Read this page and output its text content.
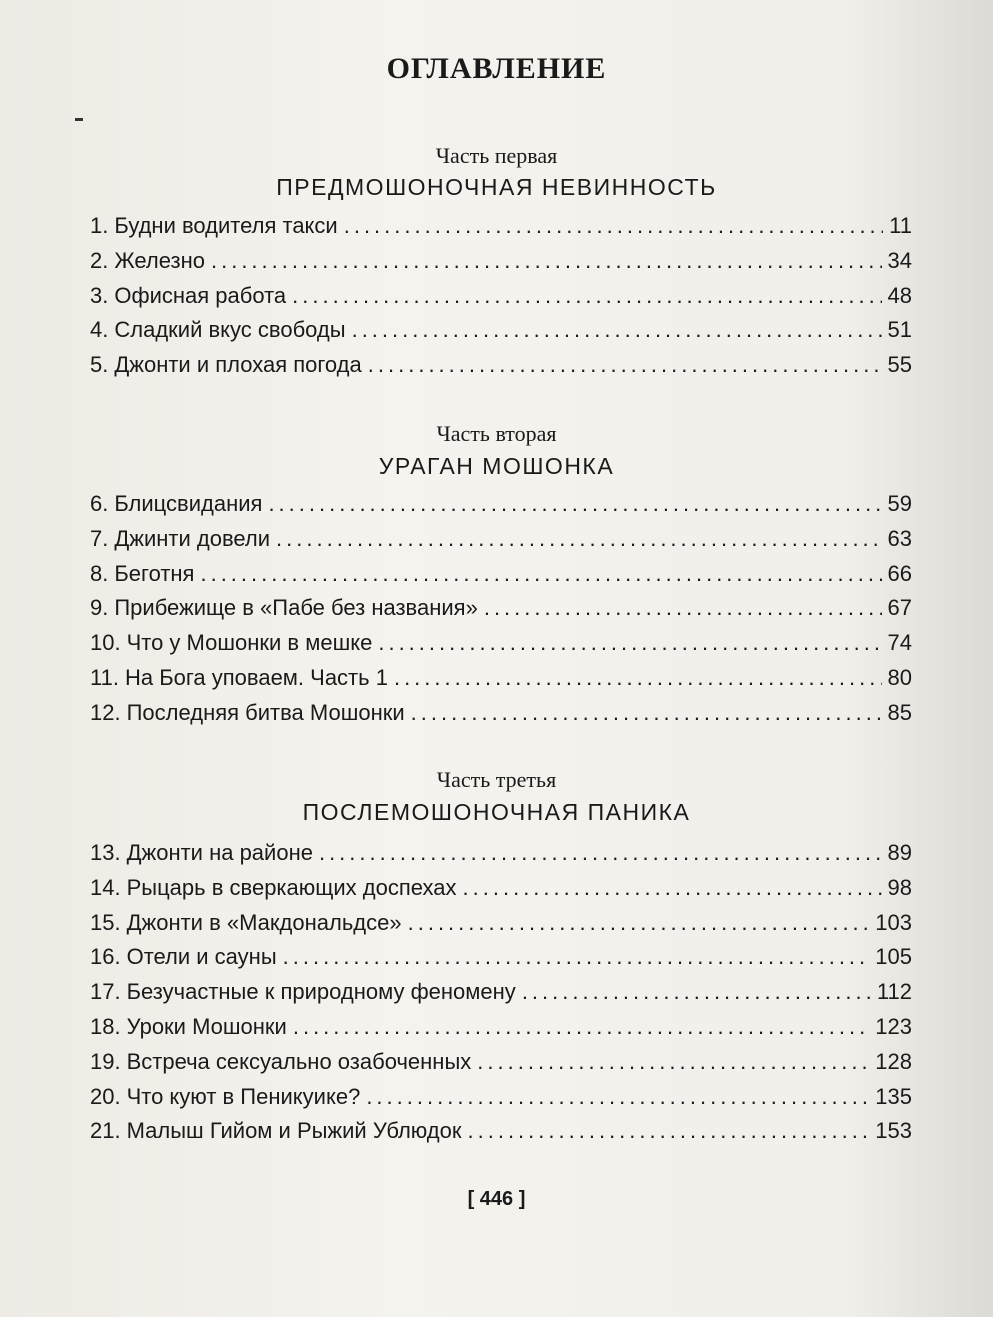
ОГЛАВЛЕНИЕ
Часть первая
ПРЕДМОШОНОЧНАЯ НЕВИННОСТЬ
1. Будни водителя такси .....	11
2. Железно .....	34
3. Офисная работа .....	48
4. Сладкий вкус свободы .....	51
5. Джонти и плохая погода .....	55
Часть вторая
УРАГАН МОШОНКА
6. Блицсвидания .....	59
7. Джинти довели .....	63
8. Беготня .....	66
9. Прибежище в «Пабе без названия» .....	67
10. Что у Мошонки в мешке .....	74
11. На Бога уповаем. Часть 1 .....	80
12. Последняя битва Мошонки .....	85
Часть третья
ПОСЛЕМОШОНОЧНАЯ ПАНИКА
13. Джонти на районе .....	89
14. Рыцарь в сверкающих доспехах .....	98
15. Джонти в «Макдональдсе» .....	103
16. Отели и сауны .....	105
17. Безучастные к природному феномену .....	112
18. Уроки Мошонки .....	123
19. Встреча сексуально озабоченных .....	128
20. Что куют в Пеникуике? .....	135
21. Малыш Гийом и Рыжий Ублюдок .....	153
[ 446 ]
